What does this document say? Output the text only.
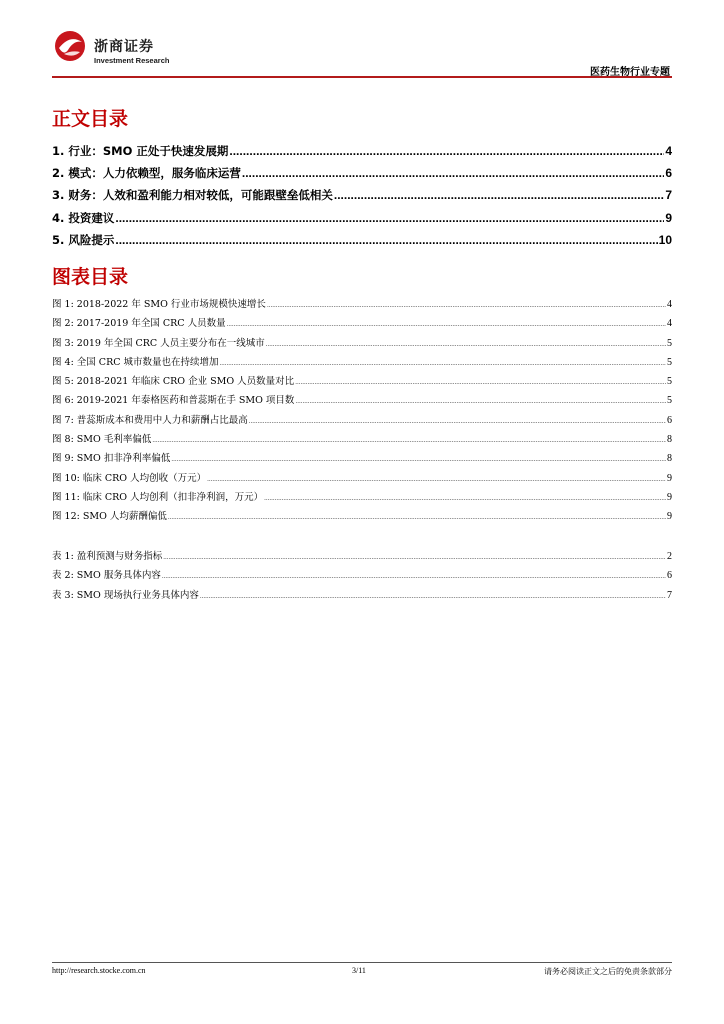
浙商证券
Investment Research
医药生物行业专题
正文目录
1. 行业：SMO 正处于快速发展期 .....	4
2. 模式：人力依赖型，服务临床运营 .....	6
3. 财务：人效和盈利能力相对较低，可能跟壁垒低相关 .....	7
4. 投资建议 .....	9
5. 风险提示 .....	10
图表目录
图 1: 2018-2022 年 SMO 行业市场规模快速增长 .....	4
图 2: 2017-2019 年全国 CRC 人员数量 .....	4
图 3: 2019 年全国 CRC 人员主要分布在一线城市 .....	5
图 4: 全国 CRC 城市数量也在持续增加 .....	5
图 5: 2018-2021 年临床 CRO 企业 SMO 人员数量对比 .....	5
图 6: 2019-2021 年泰格医药和普蕊斯在手 SMO 项目数 .....	5
图 7: 普蕊斯成本和费用中人力和薪酬占比最高 .....	6
图 8: SMO 毛利率偏低 .....	8
图 9: SMO 扣非净利率偏低 .....	8
图 10: 临床 CRO 人均创收（万元） .....	9
图 11: 临床 CRO 人均创利（扣非净利润，万元） .....	9
图 12: SMO 人均薪酬偏低 .....	9
表 1: 盈利预测与财务指标 .....	2
表 2: SMO 服务具体内容 .....	6
表 3: SMO 现场执行业务具体内容 .....	7
http://research.stocke.com.cn	3/11	请务必阅读正文之后的免责条款部分
